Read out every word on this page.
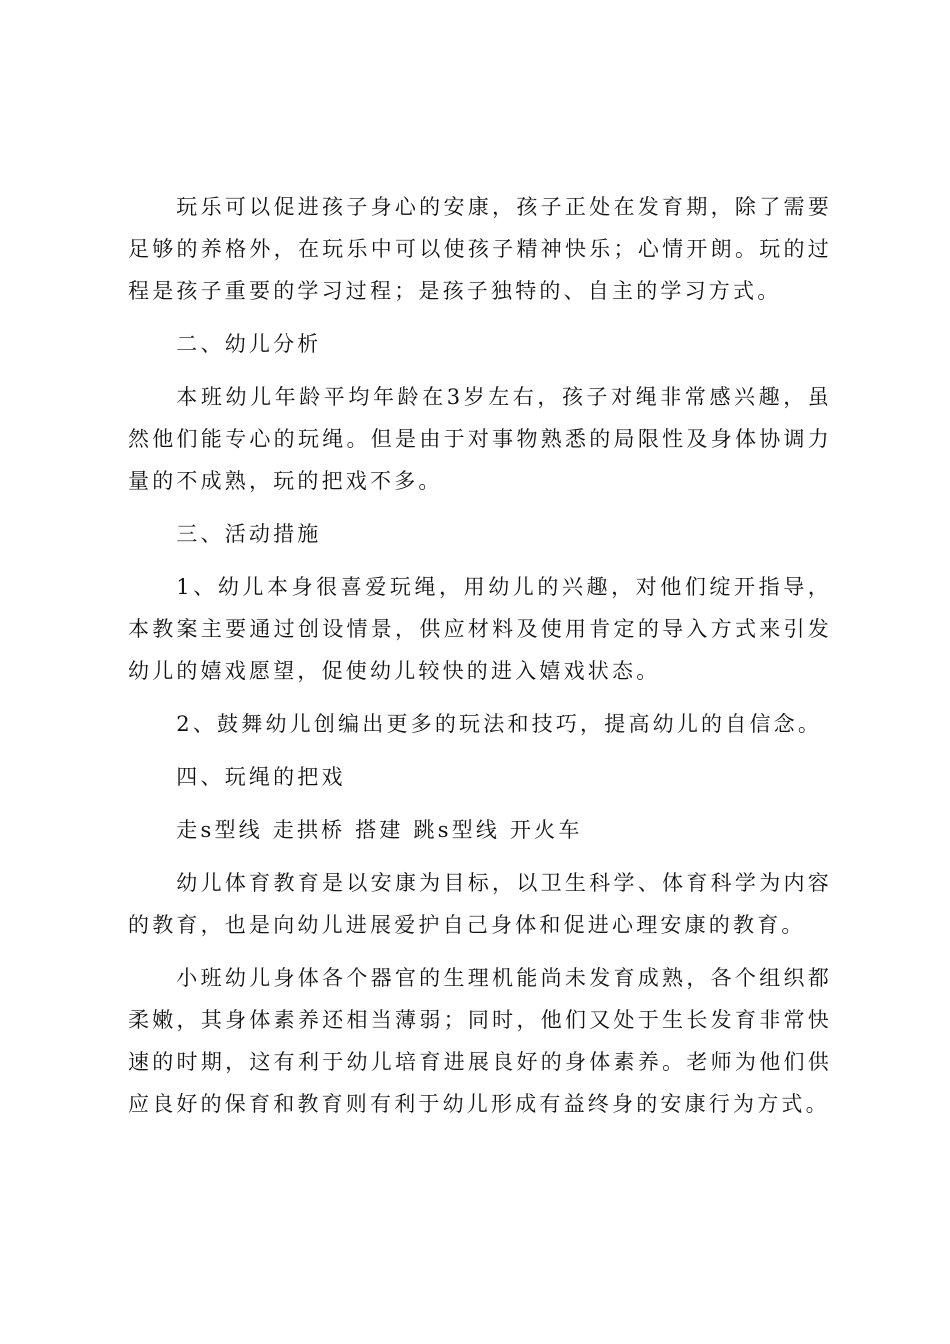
玩乐可以促进孩子身心的安康，孩子正处在发育期，除了需要足够的养格外，在玩乐中可以使孩子精神快乐；心情开朗。玩的过程是孩子重要的学习过程；是孩子独特的、自主的学习方式。

二、幼儿分析

本班幼儿年龄平均年龄在3岁左右，孩子对绳非常感兴趣，虽然他们能专心的玩绳。但是由于对事物熟悉的局限性及身体协调力量的不成熟，玩的把戏不多。

三、活动措施

1、幼儿本身很喜爱玩绳，用幼儿的兴趣，对他们绽开指导，本教案主要通过创设情景，供应材料及使用肯定的导入方式来引发幼儿的嬉戏愿望，促使幼儿较快的进入嬉戏状态。

2、鼓舞幼儿创编出更多的玩法和技巧，提高幼儿的自信念。

四、玩绳的把戏

走s型线 走拱桥 搭建 跳s型线 开火车

幼儿体育教育是以安康为目标，以卫生科学、体育科学为内容的教育，也是向幼儿进展爱护自己身体和促进心理安康的教育。

小班幼儿身体各个器官的生理机能尚未发育成熟，各个组织都柔嫩，其身体素养还相当薄弱；同时，他们又处于生长发育非常快速的时期，这有利于幼儿培育进展良好的身体素养。老师为他们供应良好的保育和教育则有利于幼儿形成有益终身的安康行为方式。
